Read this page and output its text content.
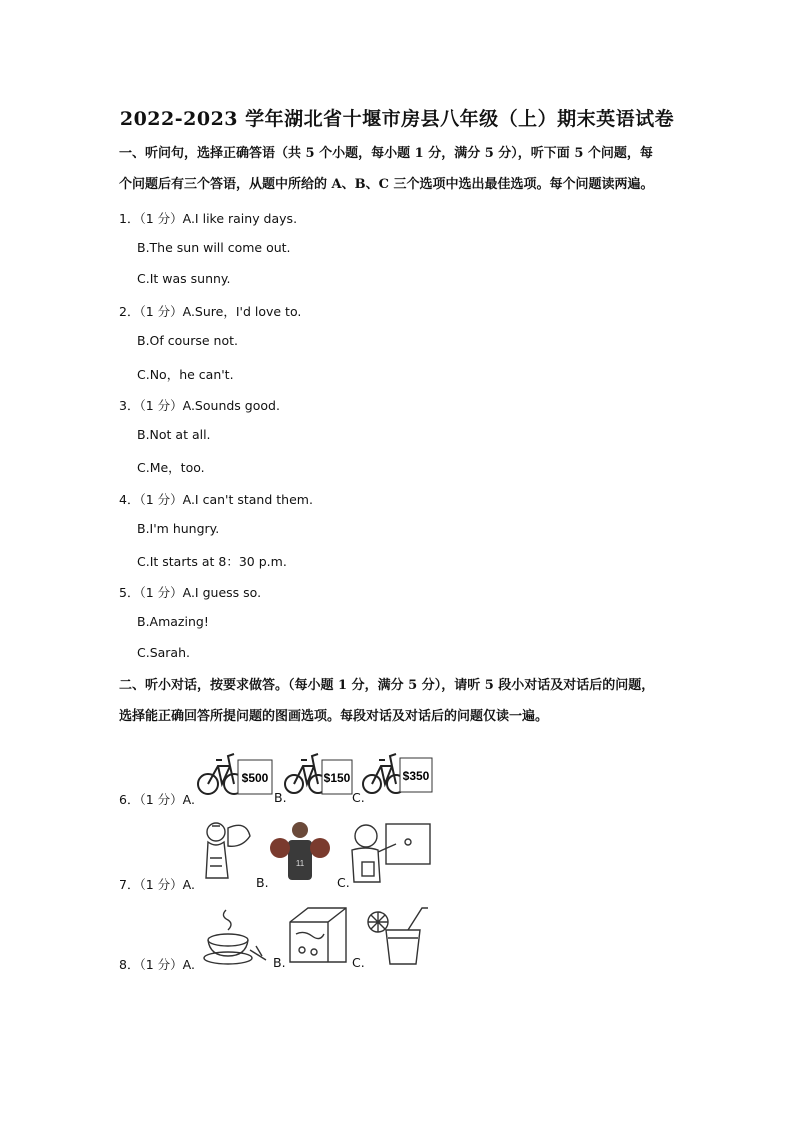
2022-2023 学年湖北省十堰市房县八年级（上）期末英语试卷
一、听问句，选择正确答语（共 5 个小题，每小题 1 分，满分 5 分），听下面 5 个问题，每
个问题后有三个答语，从题中所给的 A、B、C 三个选项中选出最佳选项。每个问题读两遍。
1．（1 分）A.I like rainy days.
B.The sun will come out.
C.It was sunny.
2．（1 分）A.Sure，I'd love to.
B.Of course not.
C.No，he can't.
3．（1 分）A.Sounds good.
B.Not at all.
C.Me，too.
4．（1 分）A.I can't stand them.
B.I'm hungry.
C.It starts at 8：30 p.m.
5．（1 分）A.I guess so.
B.Amazing!
C.Sarah.
二、听小对话，按要求做答。（每小题 1 分，满分 5 分），请听 5 段小对话及对话后的问题，
选择能正确回答所提问题的图画选项。每段对话及对话后的问题仅读一遍。
6．（1 分）A.	B.	C.
$500	$150	$350
7．（1 分）A.	B.	C.
11
8．（1 分）A.	B.	C.
